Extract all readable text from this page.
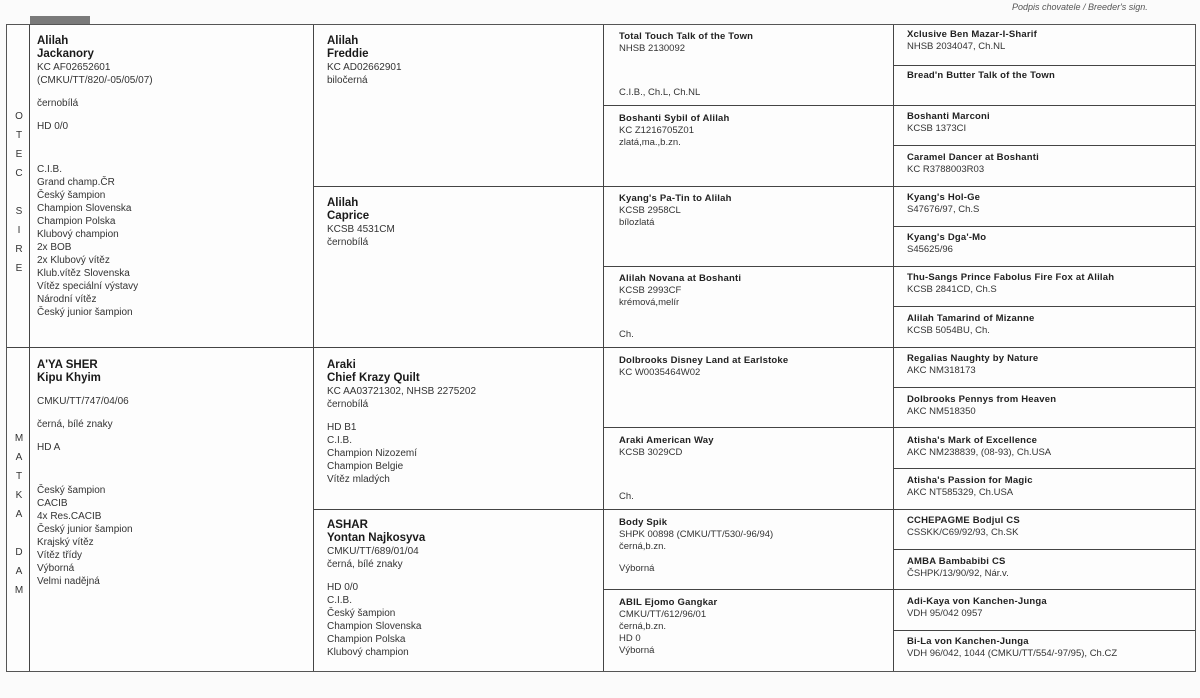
Podpis chovatele / Breeder's sign.
O
T
E
C
S
I
R
E
M
A
T
K
A
D
A
M
Alilah
Jackanory
KC AF02652601
(CMKU/TT/820/-05/05/07)
černobílá
HD 0/0
C.I.B.
Grand champ.ČR
Český šampion
Champion Slovenska
Champion Polska
Klubový champion
2x BOB
2x Klubový vítěz
Klub.vítěz Slovenska
Vítěz speciální výstavy
Národní vítěz
Český junior šampion
A'YA SHER
Kipu Khyim
CMKU/TT/747/04/06
černá, bílé znaky
HD A
Český šampion
CACIB
4x Res.CACIB
Český junior šampion
Krajský vítěz
Vítěz třídy
Výborná
Velmi nadějná
Alilah
Freddie
KC AD02662901
biločerná
Alilah
Caprice
KCSB 4531CM
černobílá
Araki
Chief Krazy Quilt
KC AA03721302, NHSB 2275202
černobílá
HD B1
C.I.B.
Champion Nizozemí
Champion Belgie
Vítěz mladých
ASHAR
Yontan Najkosyva
CMKU/TT/689/01/04
černá, bílé znaky
HD 0/0
C.I.B.
Český šampion
Champion Slovenska
Champion Polska
Klubový champion
Total Touch Talk of the Town
NHSB 2130092
C.I.B., Ch.L, Ch.NL
Boshanti Sybil of Alilah
KC Z1216705Z01
zlatá,ma.,b.zn.
Kyang's Pa-Tin to Alilah
KCSB 2958CL
bílozlatá
Alilah Novana at Boshanti
KCSB 2993CF
krémová,melír
Ch.
Dolbrooks Disney Land at Earlstoke
KC W0035464W02
Araki American Way
KCSB 3029CD
Ch.
Body Spik
SHPK 00898 (CMKU/TT/530/-96/94)
černá,b.zn.
Výborná
ABIL Ejomo Gangkar
CMKU/TT/612/96/01
černá,b.zn.
HD 0
Výborná
Xclusive Ben Mazar-I-Sharif
NHSB 2034047, Ch.NL
Bread'n Butter Talk of the Town
Boshanti Marconi
KCSB 1373CI
Caramel Dancer at Boshanti
KC R3788003R03
Kyang's Hol-Ge
S47676/97, Ch.S
Kyang's Dga'-Mo
S45625/96
Thu-Sangs Prince Fabolus Fire Fox at Alilah
KCSB 2841CD, Ch.S
Alilah Tamarind of Mizanne
KCSB 5054BU, Ch.
Regalias Naughty by Nature
AKC NM318173
Dolbrooks Pennys from Heaven
AKC NM518350
Atisha's Mark of Excellence
AKC NM238839, (08-93), Ch.USA
Atisha's Passion for Magic
AKC NT585329, Ch.USA
CCHEPAGME Bodjul CS
CSSKK/C69/92/93, Ch.SK
AMBA Bambabibi CS
ČSHPK/13/90/92, Nár.v.
Adi-Kaya von Kanchen-Junga
VDH 95/042 0957
Bi-La von Kanchen-Junga
VDH 96/042, 1044 (CMKU/TT/554/-97/95), Ch.CZ
